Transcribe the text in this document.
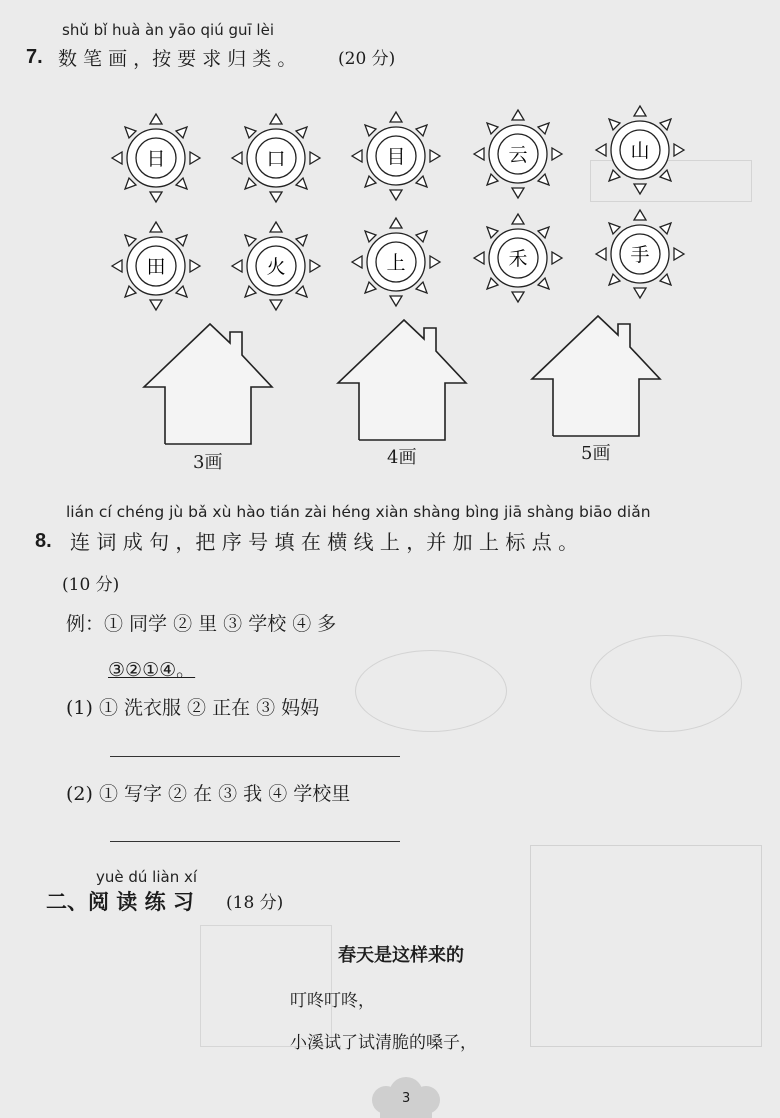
shǔ bǐ huà àn yāo qiú guī lèi
7. 数 笔 画 ，按 要 求 归 类 。 (20 分)
日	口	目	云	山
田	火	上	禾	手
3画	4画	5画
lián cí chéng jù bǎ xù hào tián zài héng xiàn shàng bìng jiā shàng biāo diǎn
8. 连 词 成 句 ，把 序 号 填 在 横 线 上 ，并 加 上 标 点 。
(10 分)
例： ① 同学 ② 里 ③ 学校 ④ 多
③②①④。
(1) ① 洗衣服 ② 正在 ③ 妈妈
(2) ① 写字 ② 在 ③ 我 ④ 学校里
yuè dú liàn xí
二、阅 读 练 习 (18 分)
春天是这样来的
叮咚叮咚，
小溪试了试清脆的嗓子，
3
